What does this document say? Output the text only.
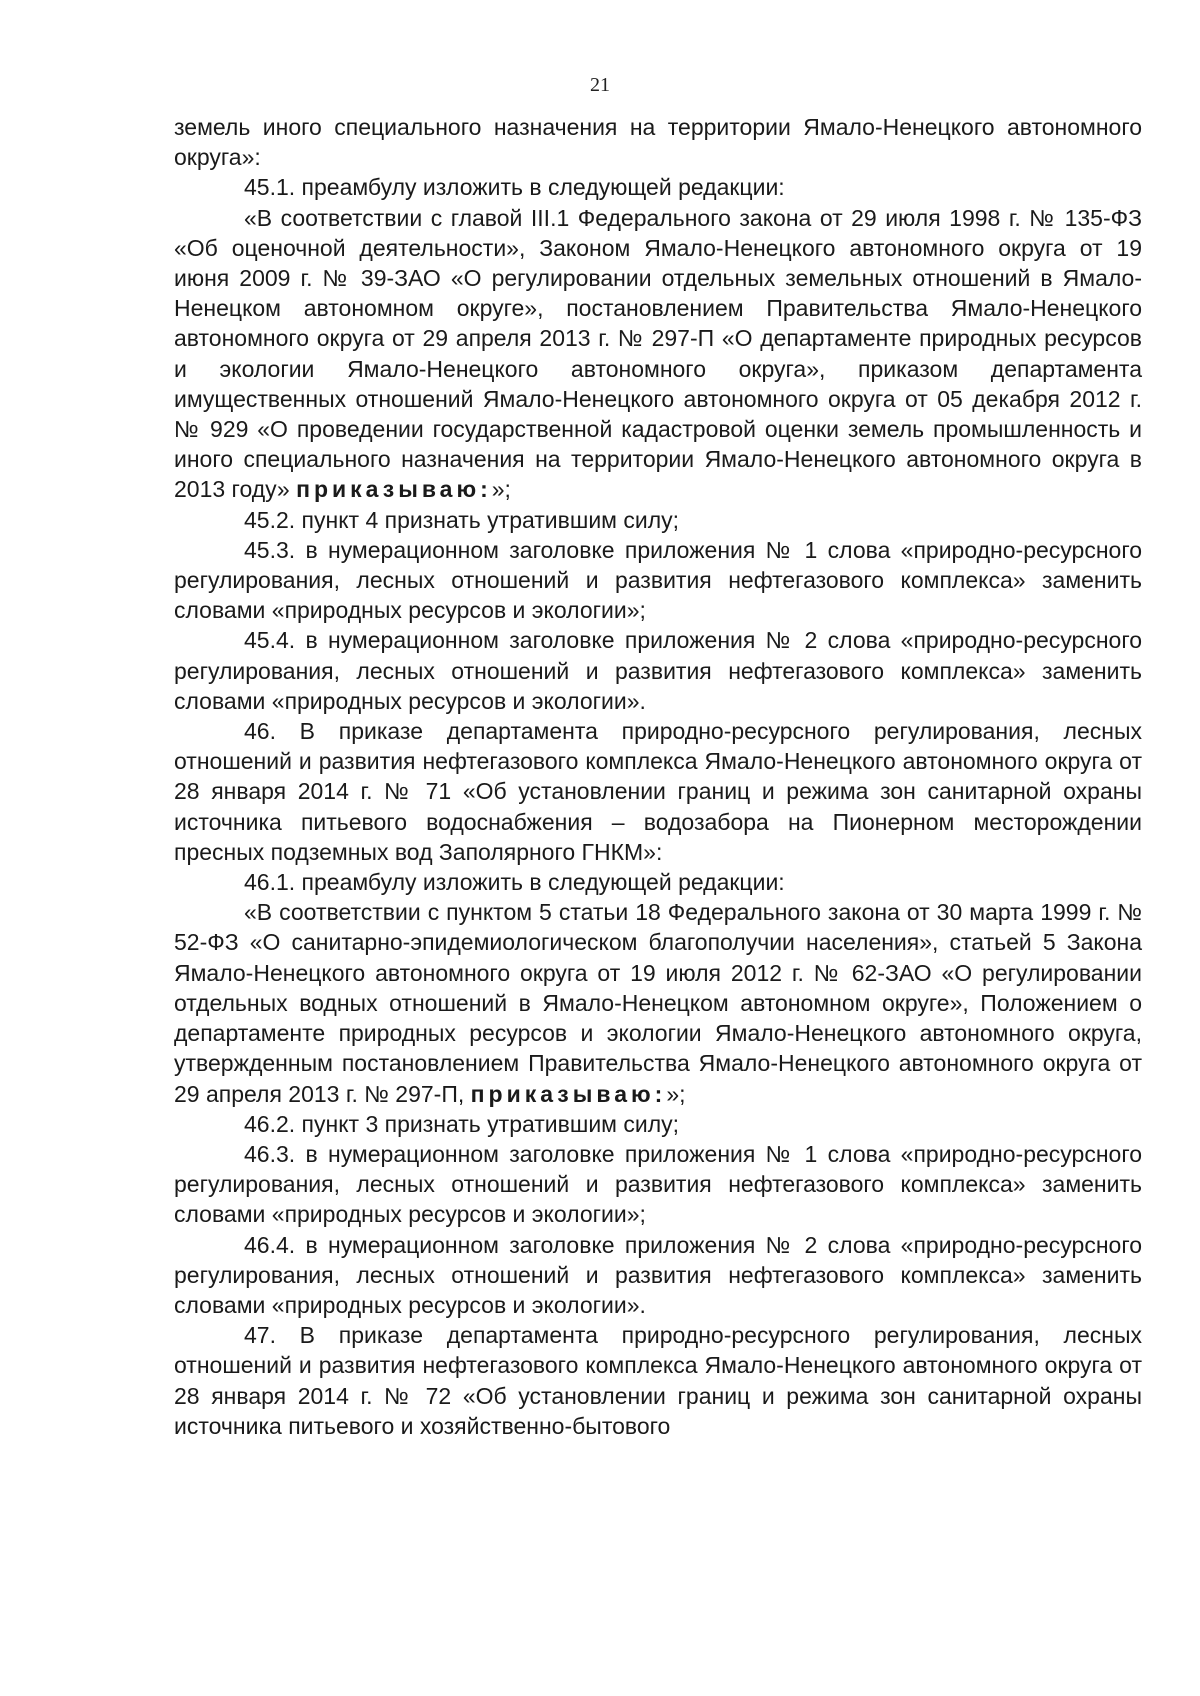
21

земель иного специального назначения на территории Ямало-Ненецкого автономного округа»:

45.1. преамбулу изложить в следующей редакции:

«В соответствии с главой III.1 Федерального закона от 29 июля 1998 г. № 135-ФЗ «Об оценочной деятельности», Законом Ямало-Ненецкого автономного округа от 19 июня 2009 г. № 39-ЗАО «О регулировании отдельных земельных отношений в Ямало-Ненецком автономном округе», постановлением Правительства Ямало-Ненецкого автономного округа от 29 апреля 2013 г. № 297-П «О департаменте природных ресурсов и экологии Ямало-Ненецкого автономного округа», приказом департамента имущественных отношений Ямало-Ненецкого автономного округа от 05 декабря 2012 г. № 929 «О проведении государственной кадастровой оценки земель промышленность и иного специального назначения на территории Ямало-Ненецкого автономного округа в 2013 году» приказываю:»;

45.2. пункт 4 признать утратившим силу;

45.3. в нумерационном заголовке приложения № 1 слова «природно-ресурсного регулирования, лесных отношений и развития нефтегазового комплекса» заменить словами «природных ресурсов и экологии»;

45.4. в нумерационном заголовке приложения № 2 слова «природно-ресурсного регулирования, лесных отношений и развития нефтегазового комплекса» заменить словами «природных ресурсов и экологии».

46. В приказе департамента природно-ресурсного регулирования, лесных отношений и развития нефтегазового комплекса Ямало-Ненецкого автономного округа от 28 января 2014 г. № 71 «Об установлении границ и режима зон санитарной охраны источника питьевого водоснабжения – водозабора на Пионерном месторождении пресных подземных вод Заполярного ГНКМ»:

46.1. преамбулу изложить в следующей редакции:

«В соответствии с пунктом 5 статьи 18 Федерального закона от 30 марта 1999 г. № 52-ФЗ «О санитарно-эпидемиологическом благополучии населения», статьей 5 Закона Ямало-Ненецкого автономного округа от 19 июля 2012 г. № 62-ЗАО «О регулировании отдельных водных отношений в Ямало-Ненецком автономном округе», Положением о департаменте природных ресурсов и экологии Ямало-Ненецкого автономного округа, утвержденным постановлением Правительства Ямало-Ненецкого автономного округа от 29 апреля 2013 г. № 297-П, приказываю:»;

46.2. пункт 3 признать утратившим силу;

46.3. в нумерационном заголовке приложения № 1 слова «природно-ресурсного регулирования, лесных отношений и развития нефтегазового комплекса» заменить словами «природных ресурсов и экологии»;

46.4. в нумерационном заголовке приложения № 2 слова «природно-ресурсного регулирования, лесных отношений и развития нефтегазового комплекса» заменить словами «природных ресурсов и экологии».

47. В приказе департамента природно-ресурсного регулирования, лесных отношений и развития нефтегазового комплекса Ямало-Ненецкого автономного округа от 28 января 2014 г. № 72 «Об установлении границ и режима зон санитарной охраны источника питьевого и хозяйственно-бытового
